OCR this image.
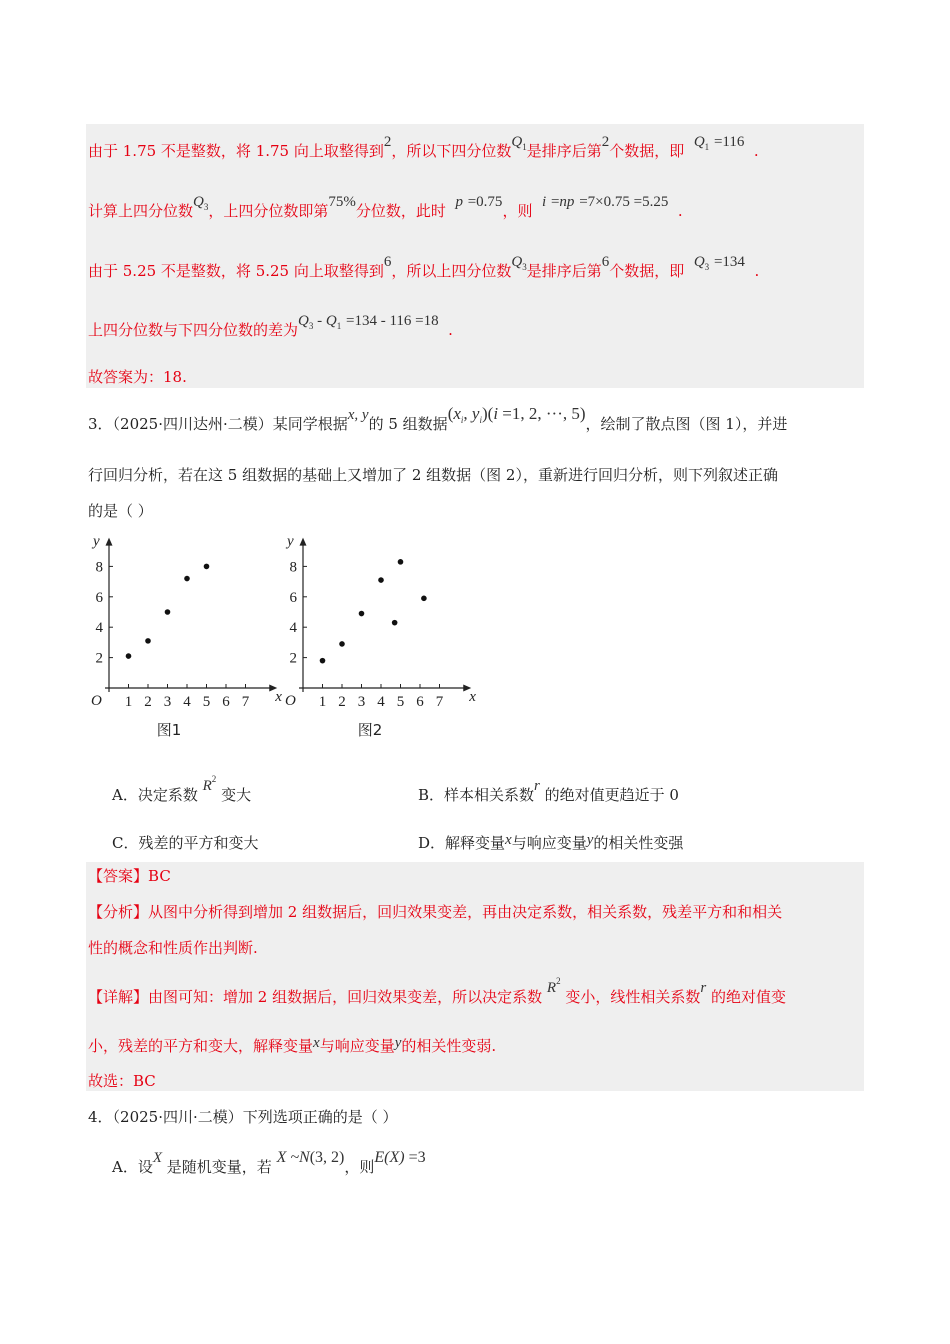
由于 1.75 不是整数，将 1.75 向上取整得到2，所以下四分位数$Q_1$是排序后第2个数据，即 $Q_1 =116$ .
计算上四分位数$Q_3$，上四分位数即第75%分位数，此时 p =0.75，则 i =np =7×0.75 =5.25 .
由于 5.25 不是整数，将 5.25 向上取整得到6，所以上四分位数$Q_3$是排序后第6个数据，即 $Q_3 =134$ .
上四分位数与下四分位数的差为$Q_3 - Q_1 =134 - 116 =18$ .
故答案为：18.
3．（2025·四川达州·二模）某同学根据x, y的 5 组数据($x_i$, $y_i)(i =1$, 2, ···, 5)，绘制了散点图（图 1），并进
行回归分析，若在这 5 组数据的基础上又增加了 2 组数据（图 2），重新进行回归分析，则下列叙述正确
的是（ ）
x
y
O 1 2 3 4 5 6 7
2
4
6
8
图1
x
y
O 1 2 3 4 5 6 7
2
4
6
8
图2
A．决定系数 $R^2$ 变大	B．样本相关系数r 的绝对值更趋近于 0
C．残差的平方和变大	D．解释变量x与响应变量y的相关性变强
【答案】BC
【分析】从图中分析得到增加 2 组数据后，回归效果变差，再由决定系数，相关系数，残差平方和和相关
性的概念和性质作出判断.
【详解】由图可知：增加 2 组数据后，回归效果变差，所以决定系数 $R^2$ 变小，线性相关系数r 的绝对值变
小，残差的平方和变大，解释变量x与响应变量y的相关性变弱.
故选：BC
4．（2025·四川·二模）下列选项正确的是（ ）
A．设X 是随机变量，若 X ~N(3, 2)，则E(X) =3
